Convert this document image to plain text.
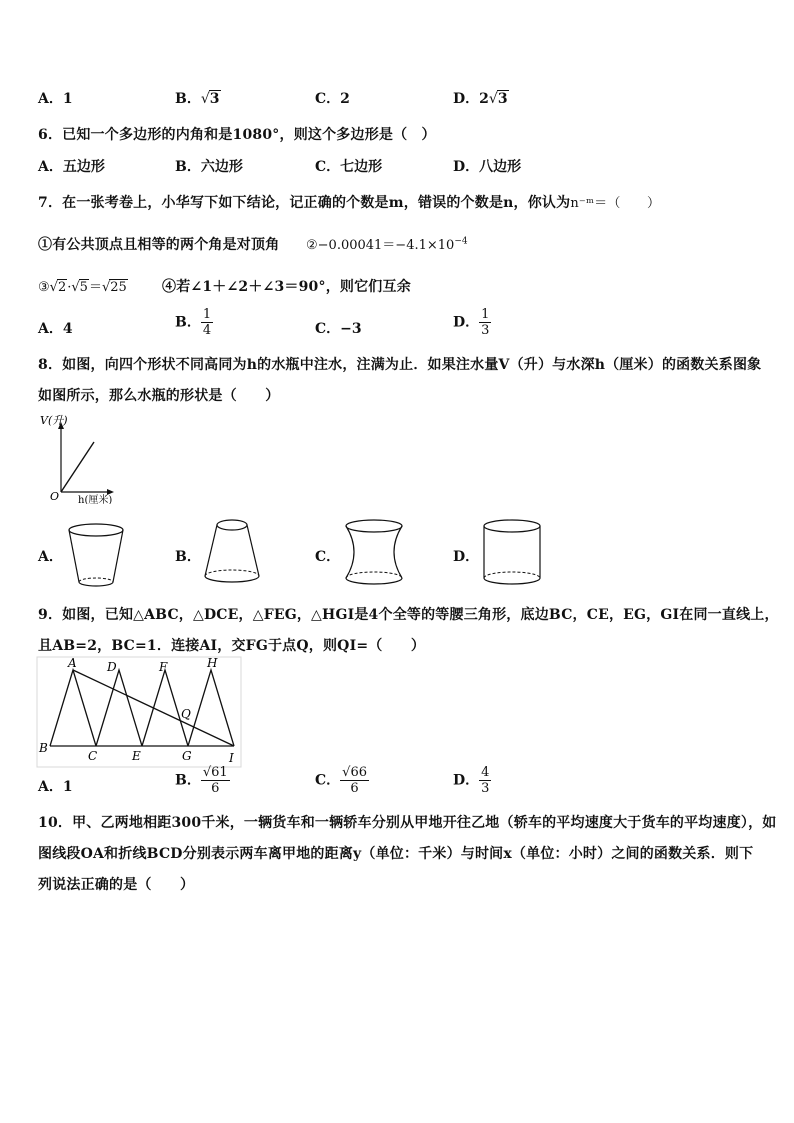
A．1	B．√3	C．2	D．2√3
6．已知一个多边形的内角和是1080°，则这个多边形是（　）
A．五边形	B．六边形	C．七边形	D．八边形
7．在一张考卷上，小华写下如下结论，记正确的个数是m，错误的个数是n，你认为n⁻ᵐ＝（　　）
①有公共顶点且相等的两个角是对顶角 $②-0.00041=-4.1\times 10^{-4}$
③√2·√5＝√25	④若∠1＋∠2＋∠3＝90°，则它们互余
A．4	B． $\frac{1}{4}$	C．−3	D． $\frac{1}{3}$
8．如图，向四个形状不同高同为h的水瓶中注水，注满为止．如果注水量V（升）与水深h（厘米）的函数关系图象
如图所示，那么水瓶的形状是（　　）
V(升)
O h(厘米)
A．	B．	C．	D．
9．如图，已知△ABC，△DCE，△FEG，△HGI是4个全等的等腰三角形，底边BC，CE，EG，GI在同一直线上，
且AB=2，BC=1．连接AI，交FG于点Q，则QI=（　　）
A	D	F	H
Q
B
C	E	G	I
A．1	B． $\frac{√61}{6}$	C． $\frac{√66}{6}$	D． $\frac{4}{3}$
10．甲、乙两地相距300千米，一辆货车和一辆轿车分别从甲地开往乙地（轿车的平均速度大于货车的平均速度），如
图线段OA和折线BCD分别表示两车离甲地的距离y（单位：千米）与时间x（单位：小时）之间的函数关系．则下
列说法正确的是（　　）
